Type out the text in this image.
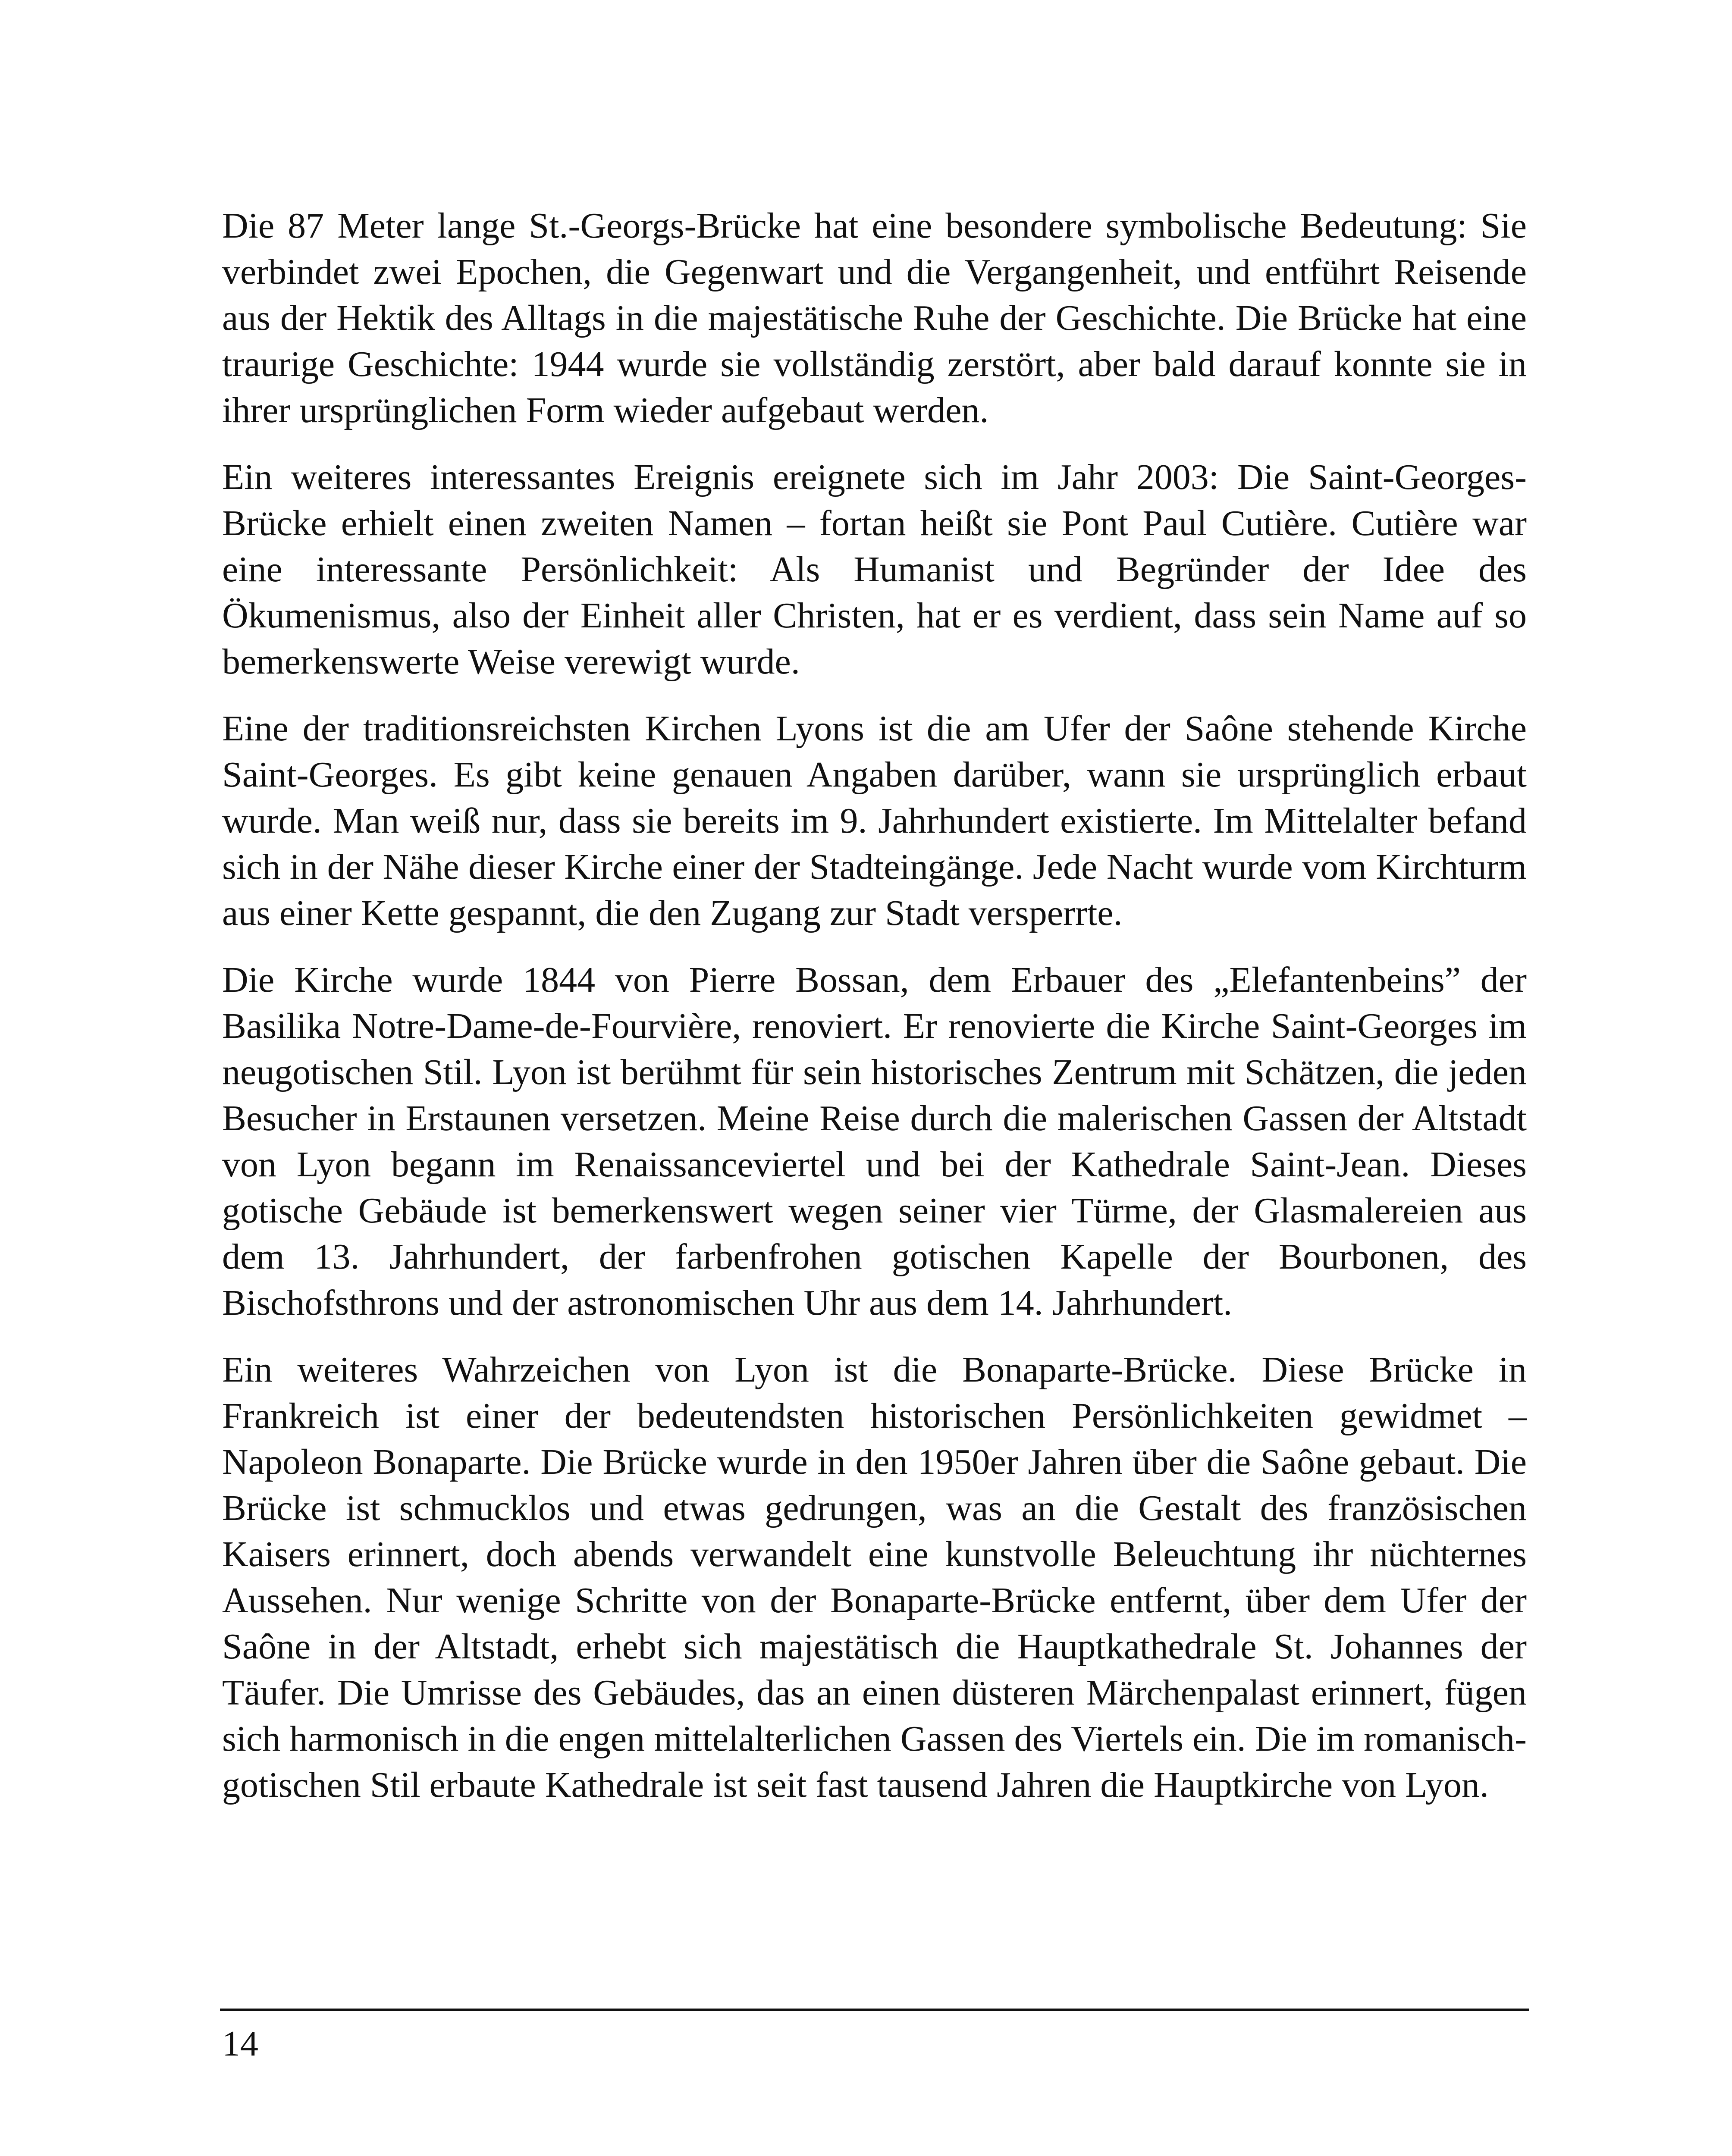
Die 87 Meter lange St.-Georgs-Brücke hat eine besondere symbolische Bedeutung: Sie verbindet zwei Epochen, die Gegenwart und die Vergangenheit, und entführt Reisende aus der Hektik des Alltags in die majestätische Ruhe der Geschichte. Die Brücke hat eine traurige Geschichte: 1944 wurde sie vollständig zerstört, aber bald darauf konnte sie in ihrer ursprünglichen Form wieder aufgebaut werden.

Ein weiteres interessantes Ereignis ereignete sich im Jahr 2003: Die Saint-Georges-Brücke erhielt einen zweiten Namen – fortan heißt sie Pont Paul Cutière. Cutière war eine interessante Persönlichkeit: Als Humanist und Begründer der Idee des Ökumenismus, also der Einheit aller Christen, hat er es verdient, dass sein Name auf so bemerkenswerte Weise verewigt wurde.

Eine der traditionsreichsten Kirchen Lyons ist die am Ufer der Saône stehende Kirche Saint-Georges. Es gibt keine genauen Angaben darüber, wann sie ursprünglich erbaut wurde. Man weiß nur, dass sie bereits im 9. Jahrhundert existierte. Im Mittelalter befand sich in der Nähe dieser Kirche einer der Stadteingänge. Jede Nacht wurde vom Kirchturm aus einer Kette gespannt, die den Zugang zur Stadt versperrte.

Die Kirche wurde 1844 von Pierre Bossan, dem Erbauer des „Elefantenbeins” der Basilika Notre-Dame-de-Fourvière, renoviert. Er renovierte die Kirche Saint-Georges im neugotischen Stil. Lyon ist berühmt für sein historisches Zentrum mit Schätzen, die jeden Besucher in Erstaunen versetzen. Meine Reise durch die malerischen Gassen der Altstadt von Lyon begann im Renaissanceviertel und bei der Kathedrale Saint-Jean. Dieses gotische Gebäude ist bemerkenswert wegen seiner vier Türme, der Glasmalereien aus dem 13. Jahrhundert, der farbenfrohen gotischen Kapelle der Bourbonen, des Bischofsthrons und der astronomischen Uhr aus dem 14. Jahrhundert.

Ein weiteres Wahrzeichen von Lyon ist die Bonaparte-Brücke. Diese Brücke in Frankreich ist einer der bedeutendsten historischen Persönlichkeiten gewidmet – Napoleon Bonaparte. Die Brücke wurde in den 1950er Jahren über die Saône gebaut. Die Brücke ist schmucklos und etwas gedrungen, was an die Gestalt des französischen Kaisers erinnert, doch abends verwandelt eine kunstvolle Beleuchtung ihr nüchternes Aussehen. Nur wenige Schritte von der Bonaparte-Brücke entfernt, über dem Ufer der Saône in der Altstadt, erhebt sich majestätisch die Hauptkathedrale St. Johannes der Täufer. Die Umrisse des Gebäudes, das an einen düsteren Märchenpalast erinnert, fügen sich harmonisch in die engen mittelalterlichen Gassen des Viertels ein. Die im romanisch-gotischen Stil erbaute Kathedrale ist seit fast tausend Jahren die Hauptkirche von Lyon.

14
